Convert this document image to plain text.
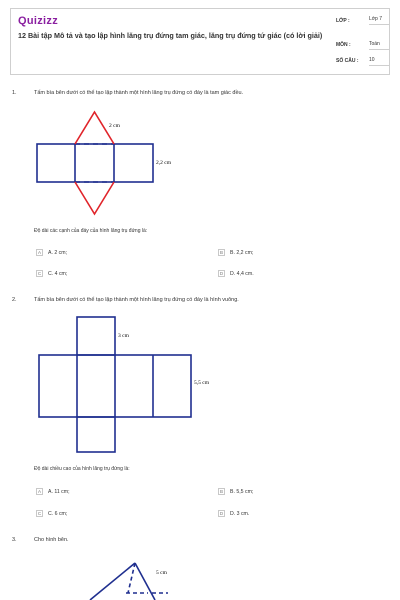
Quizizz
12 Bài tập Mô tả và tạo lập hình lăng trụ đứng tam giác, lăng trụ đứng tứ giác (có lời giải)
LỚP :	Lớp 7
MÔN :	Toán
SỐ CÂU : 10
1.	Tấm bìa bên dưới có thể tạo lập thành một hình lăng trụ đứng có đáy là tam giác đều.
2 cm
2,2 cm
Độ dài các cạnh của đáy của hình lăng trụ đứng là:
A	A. 2 cm;	B	B. 2,2 cm;
C	C. 4 cm;	D	D. 4,4 cm.
2.	Tấm bìa bên dưới có thể tạo lập thành một hình lăng trụ đứng có đáy là hình vuông.
3 cm
5,5 cm
Độ dài chiều cao của hình lăng trụ đứng là:
A	A. 11 cm;	B	B. 5,5 cm;
C	C. 6 cm;	D	D. 3 cm.
3.	Cho hình bên.
5 cm
